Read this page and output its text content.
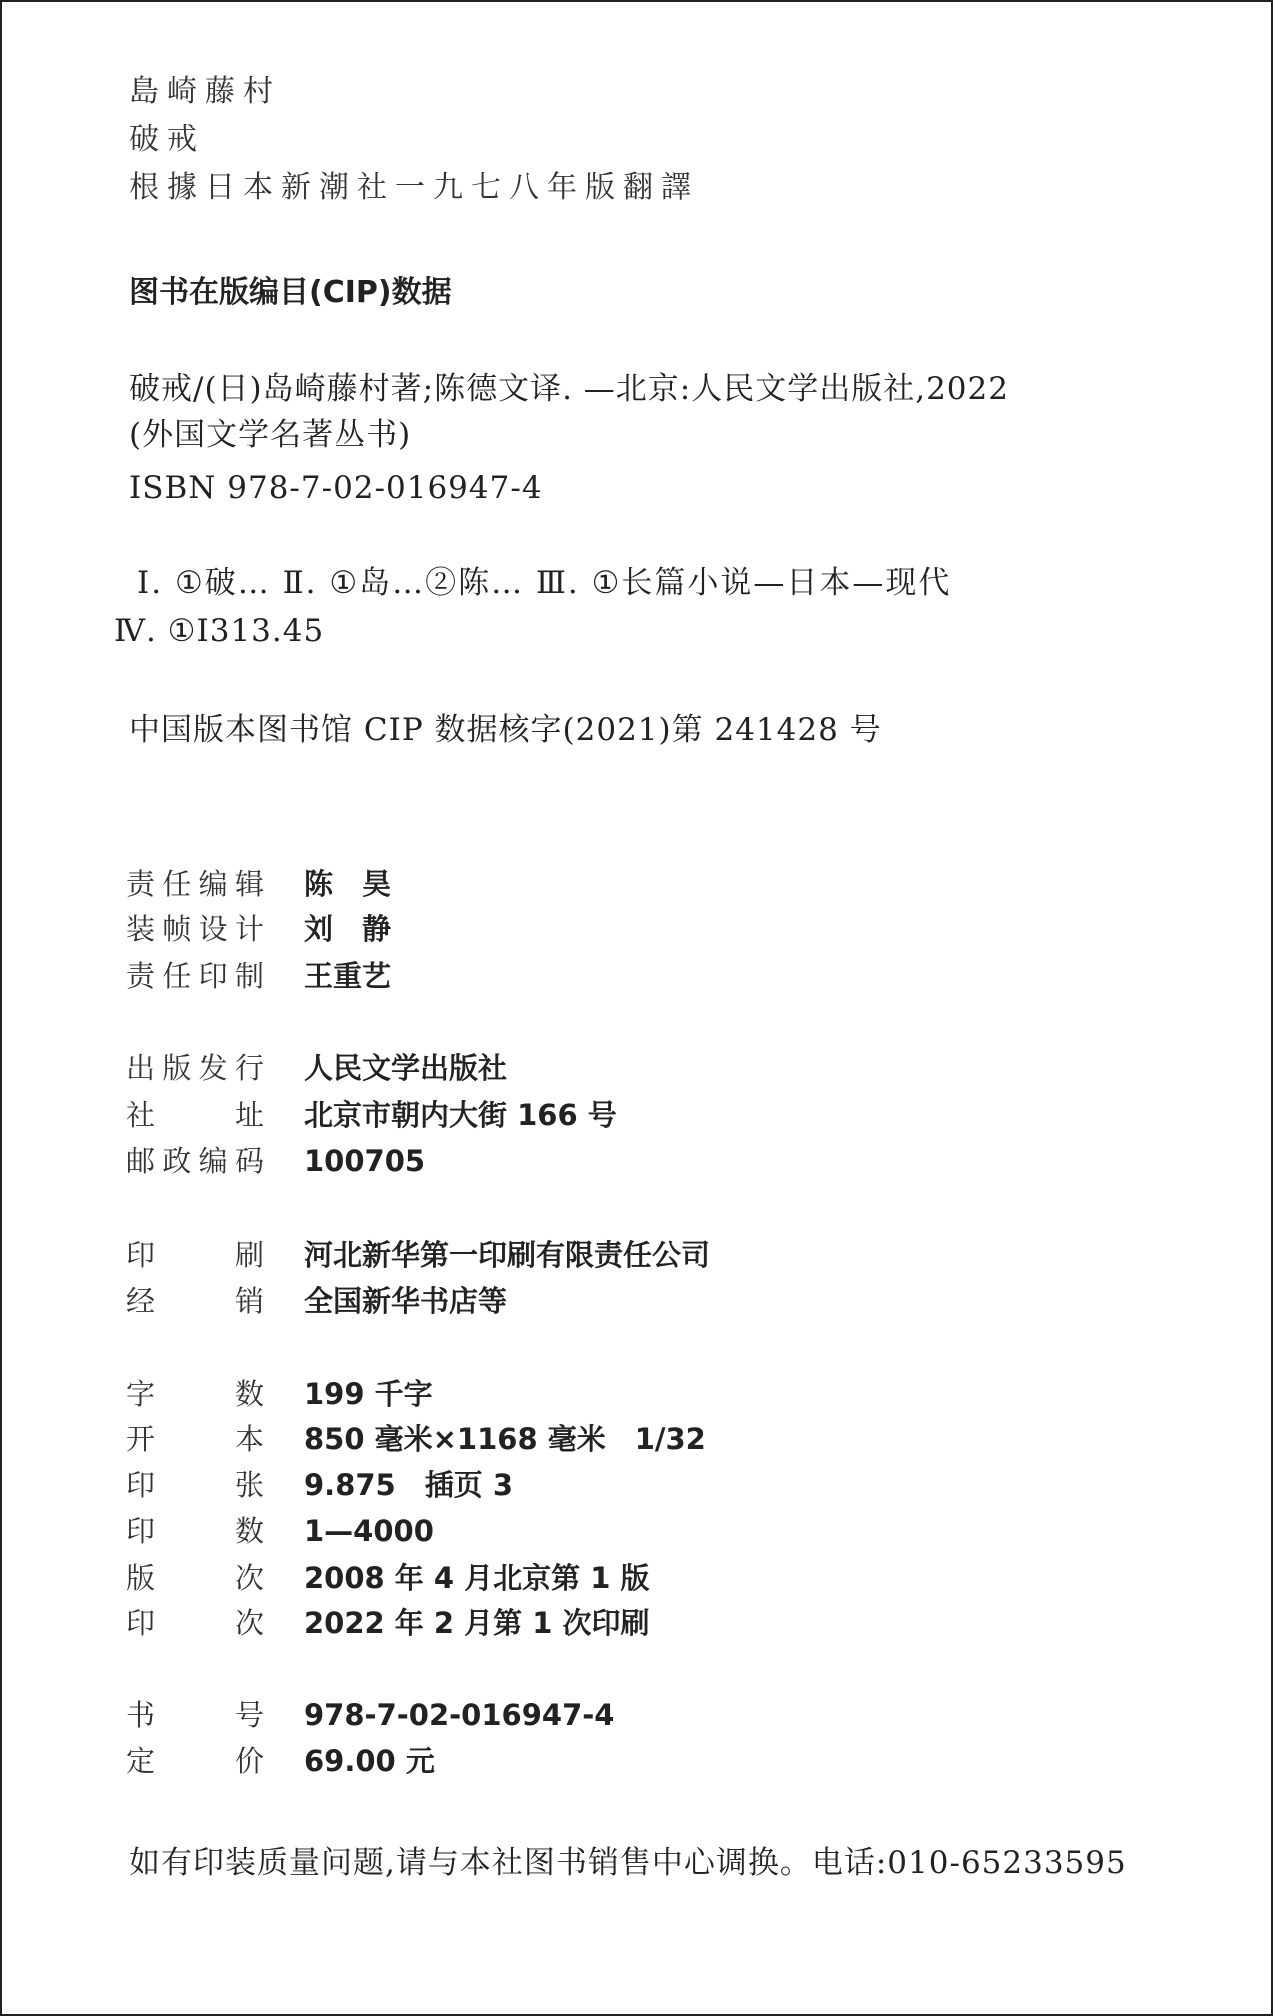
島崎藤村
破戒
根據日本新潮社一九七八年版翻譯
图书在版编目(CIP)数据
破戒/(日)岛崎藤村著;陈德文译. —北京:人民文学出版社,2022
(外国文学名著丛书)
ISBN 978-7-02-016947-4
Ⅰ. ①破… Ⅱ. ①岛…②陈… Ⅲ. ①长篇小说—日本—现代
Ⅳ. ①I313.45
中国版本图书馆 CIP 数据核字(2021)第 241428 号
责 任 编 辑 陈　昊
装 帧 设 计 刘　静
责 任 印 制 王重艺
出 版 发 行 人民文学出版社
社	址 北京市朝内大街 166 号
邮 政 编 码 100705
印	刷 河北新华第一印刷有限责任公司
经	销 全国新华书店等
字	数 199 千字
开	本 850 毫米×1168 毫米　1/32
印	张 9.875　插页 3
印	数 1—4000
版	次 2008 年 4 月北京第 1 版
印	次 2022 年 2 月第 1 次印刷
书	号 978-7-02-016947-4
定	价 69.00 元
如有印装质量问题,请与本社图书销售中心调换。电话:010-65233595
